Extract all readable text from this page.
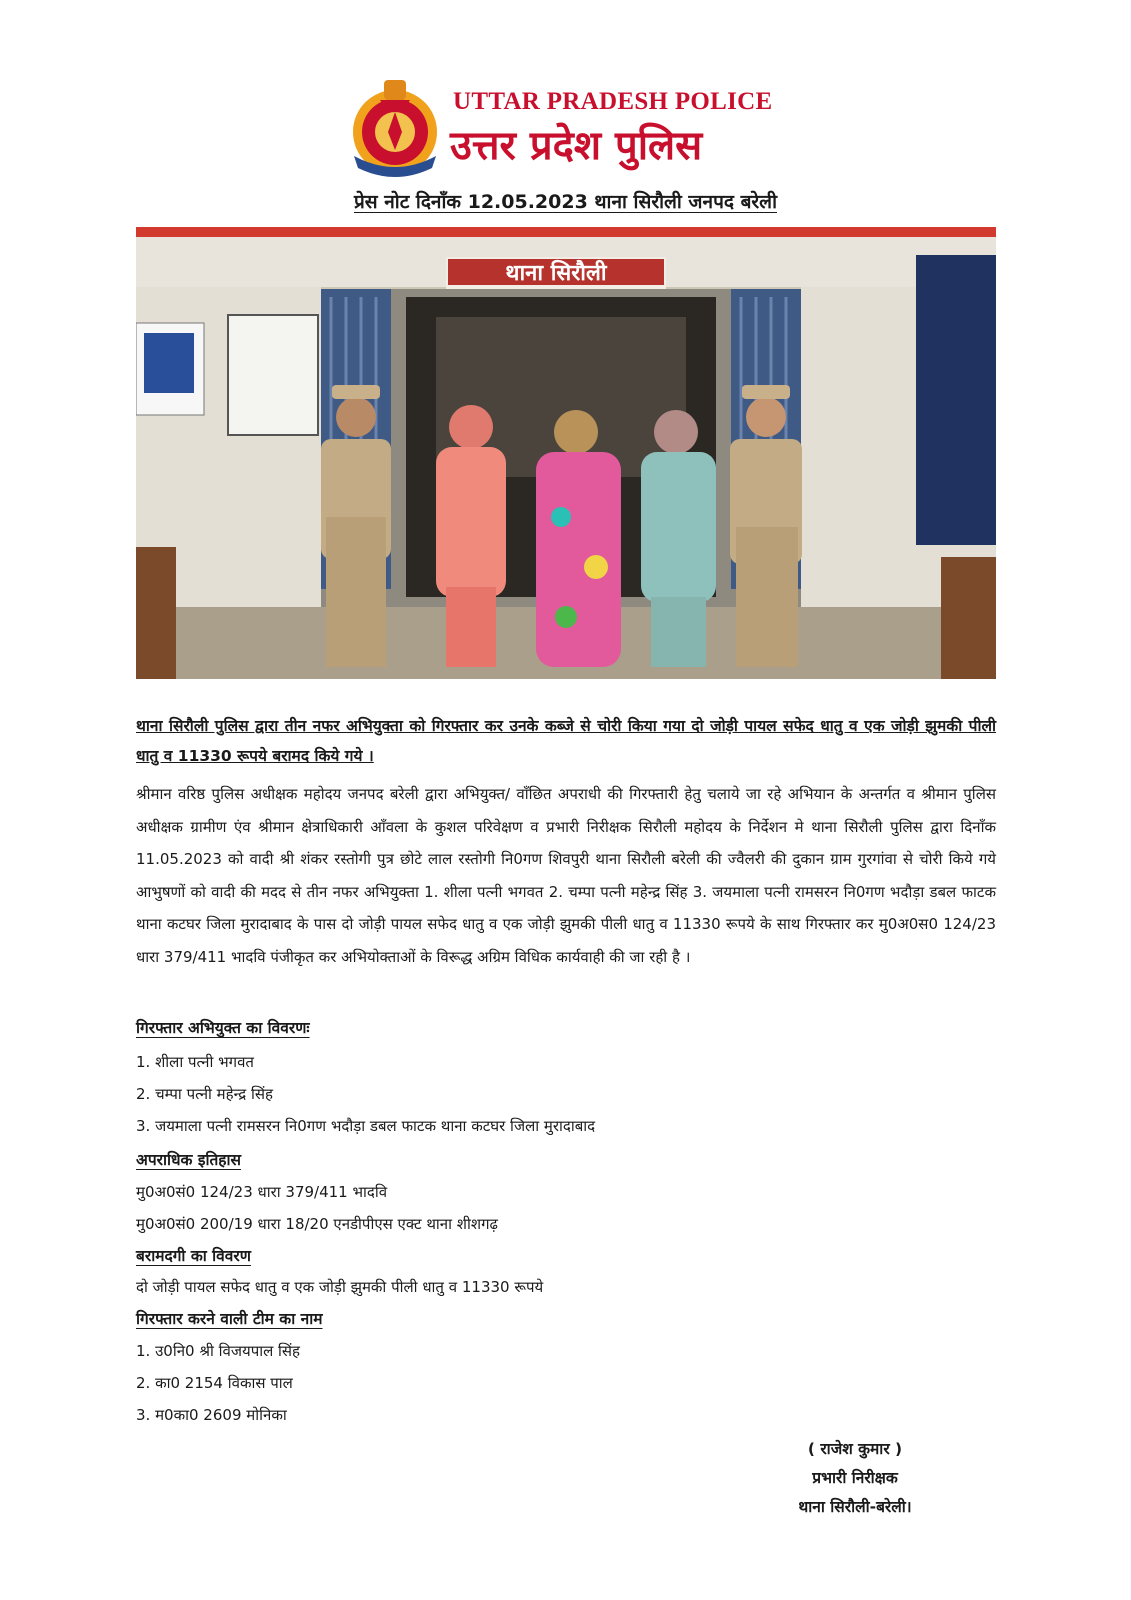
UTTAR PRADESH POLICE
उत्तर प्रदेश पुलिस
प्रेस नोट दिनाँक 12.05.2023 थाना सिरौली जनपद बरेली
थाना सिरौली
थाना सिरौली पुलिस द्वारा तीन नफर अभियुक्ता को गिरफ्तार कर उनके कब्जे से चोरी किया गया दो जोड़ी पायल सफेद धातु व एक जोड़ी झुमकी पीली धातु व 11330 रूपये बरामद किये गये ।
श्रीमान वरिष्ठ पुलिस अधीक्षक महोदय जनपद बरेली द्वारा अभियुक्त/ वाँछित अपराधी की गिरफ्तारी हेतु चलाये जा रहे अभियान के अन्तर्गत व श्रीमान पुलिस अधीक्षक ग्रामीण एंव श्रीमान क्षेत्राधिकारी आँवला के कुशल परिवेक्षण व प्रभारी निरीक्षक सिरौली महोदय के निर्देशन मे थाना सिरौली पुलिस द्वारा दिनाँक 11.05.2023 को वादी श्री शंकर रस्तोगी पुत्र छोटे लाल रस्तोगी नि0गण शिवपुरी थाना सिरौली बरेली की ज्वैलरी की दुकान ग्राम गुरगांवा से चोरी किये गये आभुषणों को वादी की मदद से तीन नफर अभियुक्ता 1. शीला पत्नी भगवत 2. चम्पा पत्नी महेन्द्र सिंह 3. जयमाला पत्नी रामसरन नि0गण भदौड़ा डबल फाटक थाना कटघर जिला मुरादाबाद के पास दो जोड़ी पायल सफेद धातु व एक जोड़ी झुमकी पीली धातु व 11330 रूपये के साथ गिरफ्तार कर मु0अ0स0 124/23 धारा 379/411 भादवि पंजीकृत कर अभियोक्ताओं के विरूद्ध अग्रिम विधिक कार्यवाही की जा रही है ।
गिरफ्तार अभियुक्त का विवरणः
1. शीला पत्नी भगवत
2. चम्पा पत्नी महेन्द्र सिंह
3. जयमाला पत्नी रामसरन नि0गण भदौड़ा डबल फाटक थाना कटघर जिला मुरादाबाद
अपराधिक इतिहास
मु0अ0सं0 124/23 धारा 379/411 भादवि
मु0अ0सं0 200/19 धारा 18/20 एनडीपीएस एक्ट थाना शीशगढ़
बरामदगी का विवरण
दो जोड़ी पायल सफेद धातु व एक जोड़ी झुमकी पीली धातु व 11330 रूपये
गिरफ्तार करने वाली टीम का नाम
1. उ0नि0 श्री विजयपाल सिंह
2. का0 2154 विकास पाल
3. म0का0 2609 मोनिका
( राजेश कुमार )
प्रभारी निरीक्षक
थाना सिरौली-बरेली।
